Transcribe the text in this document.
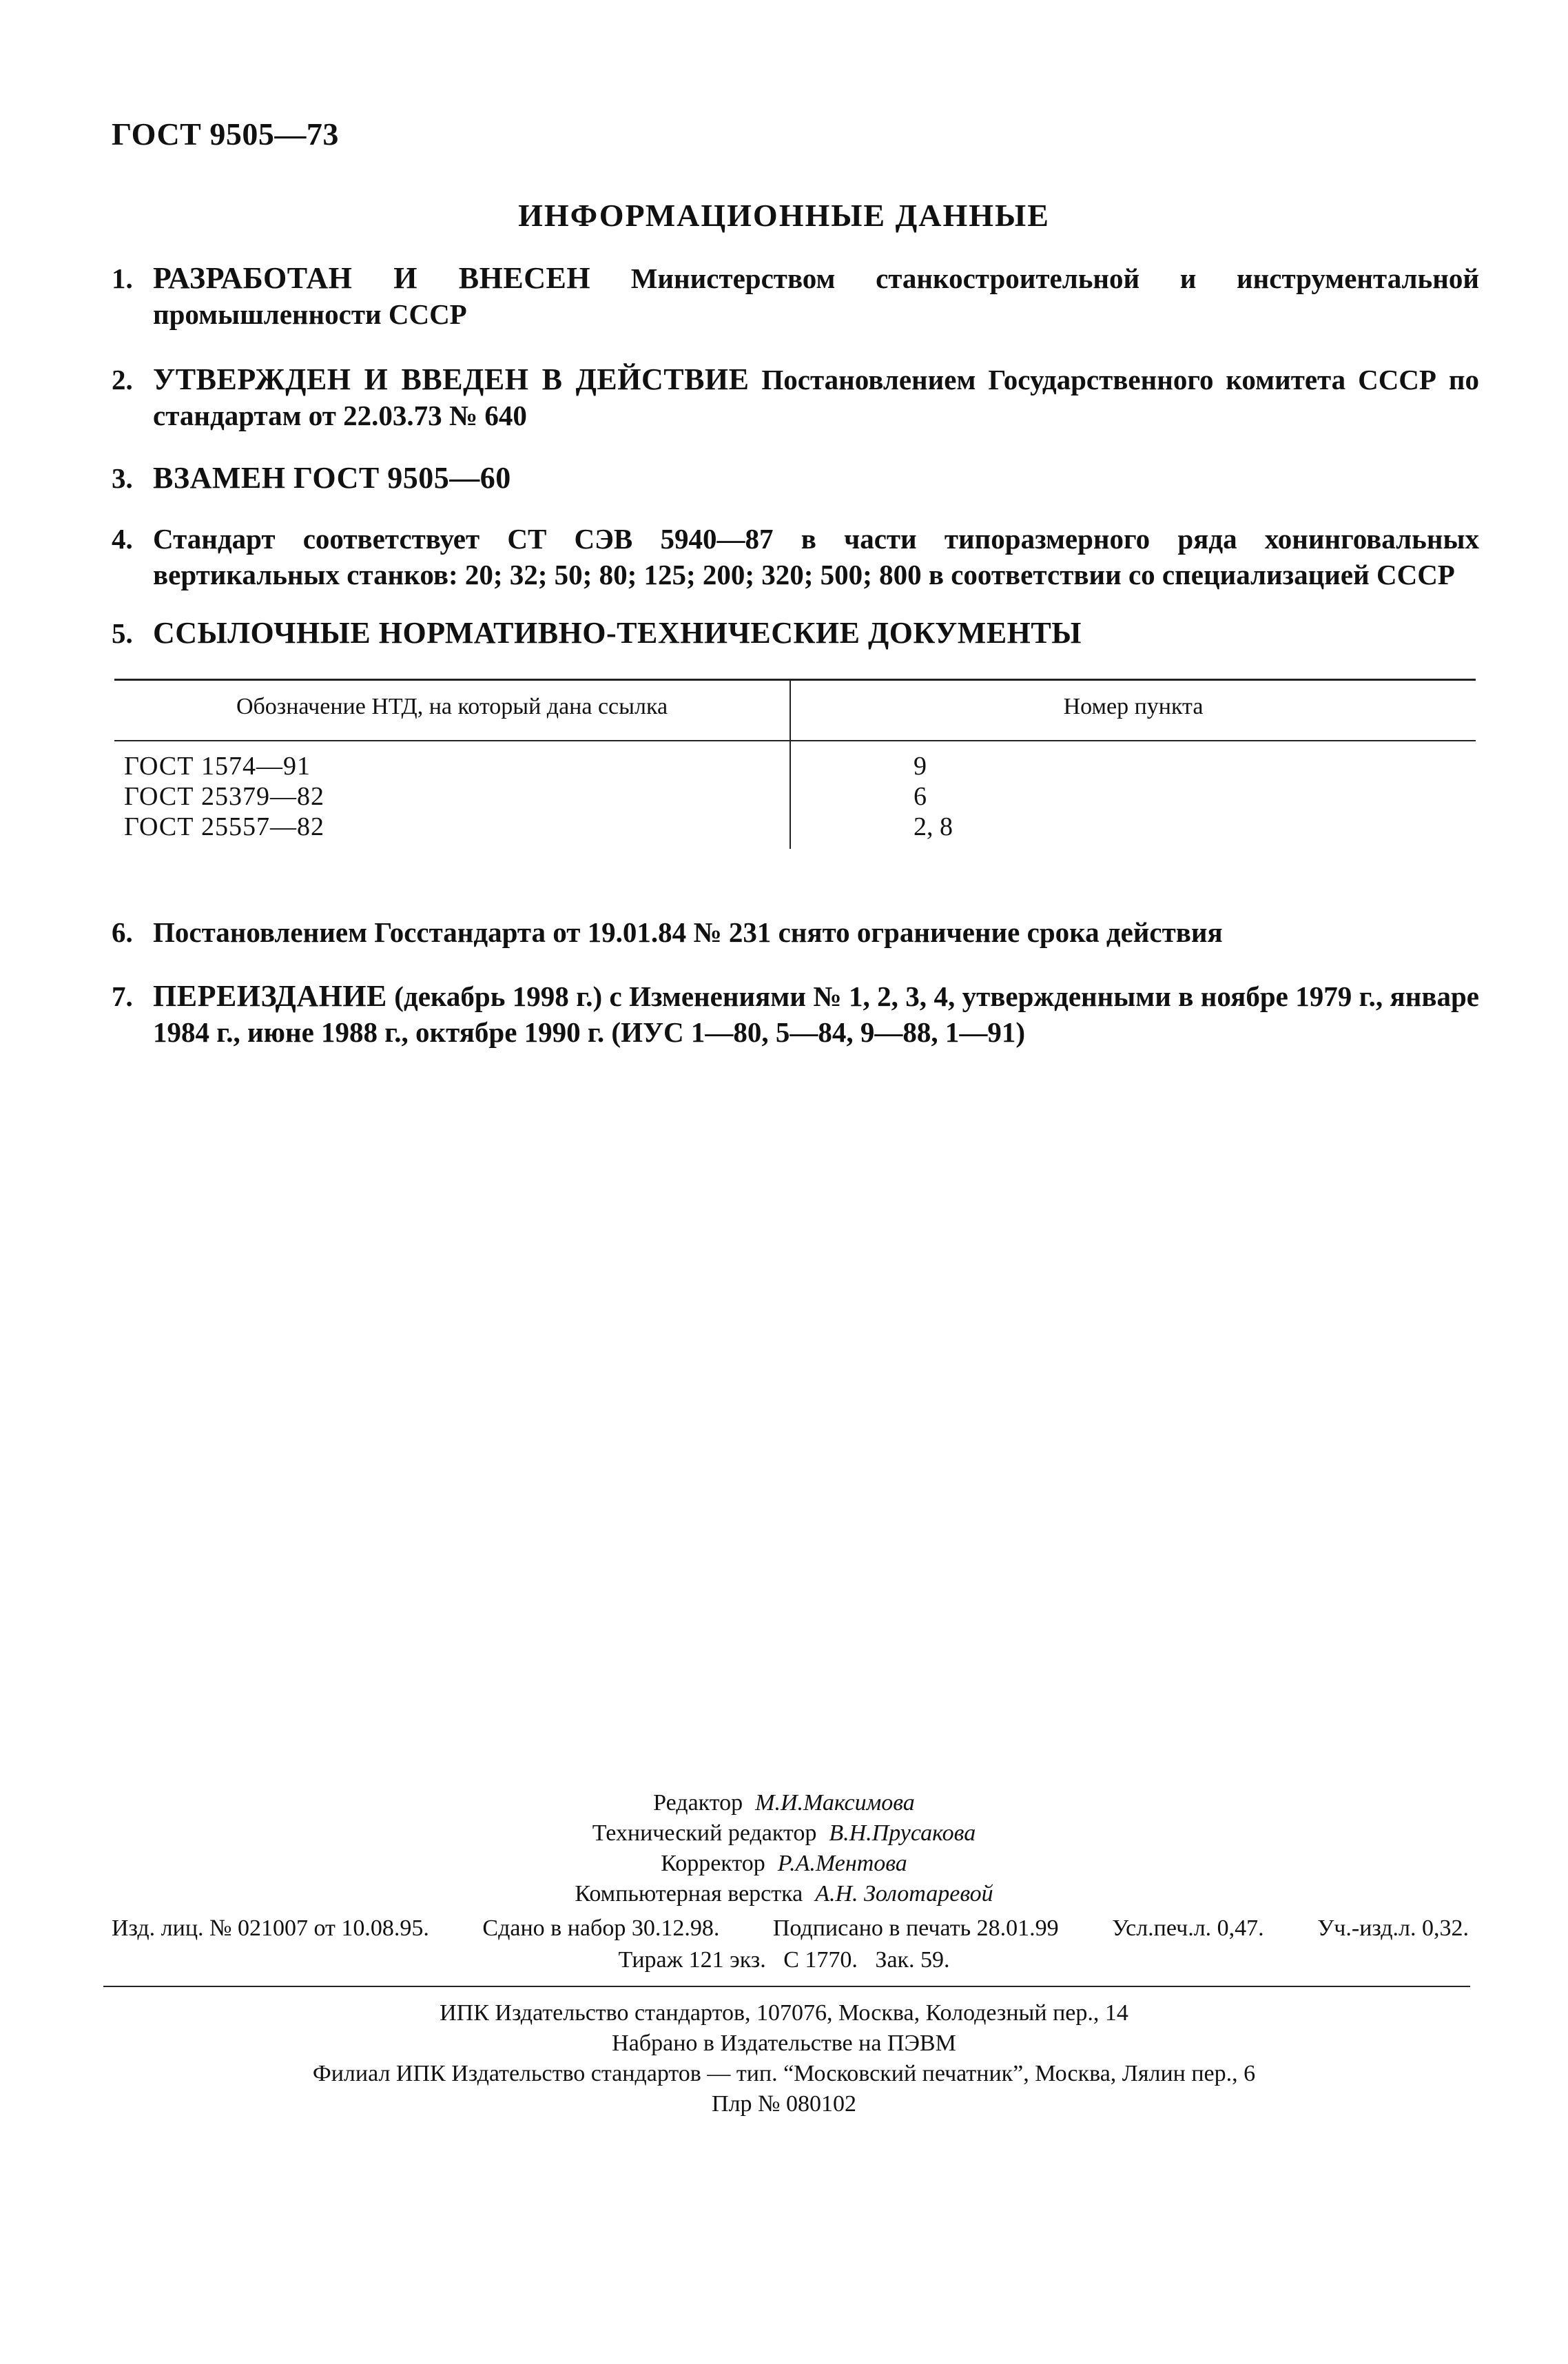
ГОСТ 9505—73
ИНФОРМАЦИОННЫЕ ДАННЫЕ
1. РАЗРАБОТАН И ВНЕСЕН Министерством станкостроительной и инструментальной промышленности СССР
2. УТВЕРЖДЕН И ВВЕДЕН В ДЕЙСТВИЕ Постановлением Государственного комитета СССР по стандартам от 22.03.73 № 640
3. ВЗАМЕН ГОСТ 9505—60
4. Стандарт соответствует СТ СЭВ 5940—87 в части типоразмерного ряда хонинговальных вертикальных станков: 20; 32; 50; 80; 125; 200; 320; 500; 800 в соответствии со специализацией СССР
5. ССЫЛОЧНЫЕ НОРМАТИВНО-ТЕХНИЧЕСКИЕ ДОКУМЕНТЫ
Обозначение НТД, на который дана ссылка	Номер пункта
ГОСТ 1574—91	9
ГОСТ 25379—82	6
ГОСТ 25557—82	2, 8
6. Постановлением Госстандарта от 19.01.84 № 231 снято ограничение срока действия
7. ПЕРЕИЗДАНИЕ (декабрь 1998 г.) с Изменениями № 1, 2, 3, 4, утвержденными в ноябре 1979 г., январе 1984 г., июне 1988 г., октябре 1990 г. (ИУС 1—80, 5—84, 9—88, 1—91)
Редактор М.И.Максимова
Технический редактор В.Н.Прусакова
Корректор Р.А.Ментова
Компьютерная верстка А.Н. Золотаревой
Изд. лиц. № 021007 от 10.08.95. Сдано в набор 30.12.98. Подписано в печать 28.01.99 Усл.печ.л. 0,47. Уч.-изд.л. 0,32.
Тираж 121 экз.   С 1770.   Зак. 59.
ИПК Издательство стандартов, 107076, Москва, Колодезный пер., 14
Набрано в Издательстве на ПЭВМ
Филиал ИПК Издательство стандартов — тип. “Московский печатник”, Москва, Лялин пер., 6
Плр № 080102
